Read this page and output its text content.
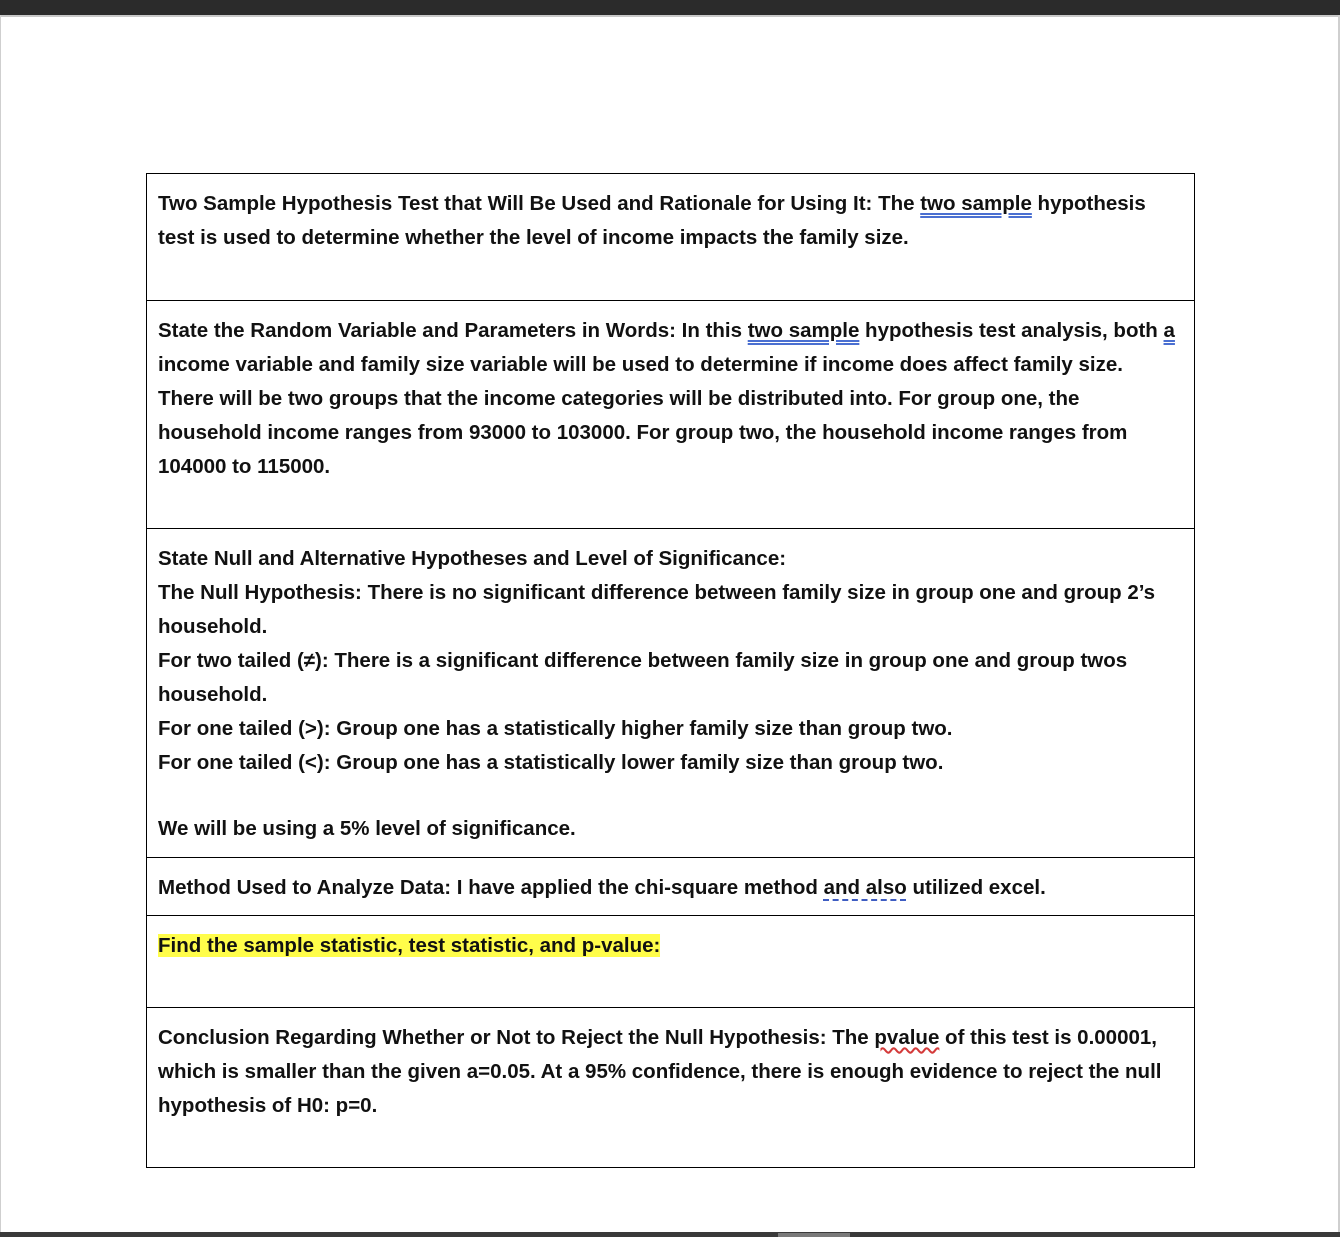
Two Sample Hypothesis Test that Will Be Used and Rationale for Using It: The two sample hypothesis test is used to determine whether the level of income impacts the family size.

State the Random Variable and Parameters in Words: In this two sample hypothesis test analysis, both a income variable and family size variable will be used to determine if income does affect family size. There will be two groups that the income categories will be distributed into. For group one, the household income ranges from 93000 to 103000. For group two, the household income ranges from 104000 to 115000.

State Null and Alternative Hypotheses and Level of Significance:

The Null Hypothesis: There is no significant difference between family size in group one and group 2’s household.

For two tailed (≠): There is a significant difference between family size in group one and group twos household.

For one tailed (>): Group one has a statistically higher family size than group two.

For one tailed (<): Group one has a statistically lower family size than group two.

We will be using a 5% level of significance.

Method Used to Analyze Data: I have applied the chi-square method and also utilized excel.

Find the sample statistic, test statistic, and p-value:

Conclusion Regarding Whether or Not to Reject the Null Hypothesis: The pvalue of this test is 0.00001, which is smaller than the given a=0.05. At a 95% confidence, there is enough evidence to reject the null hypothesis of H0: p=0.
